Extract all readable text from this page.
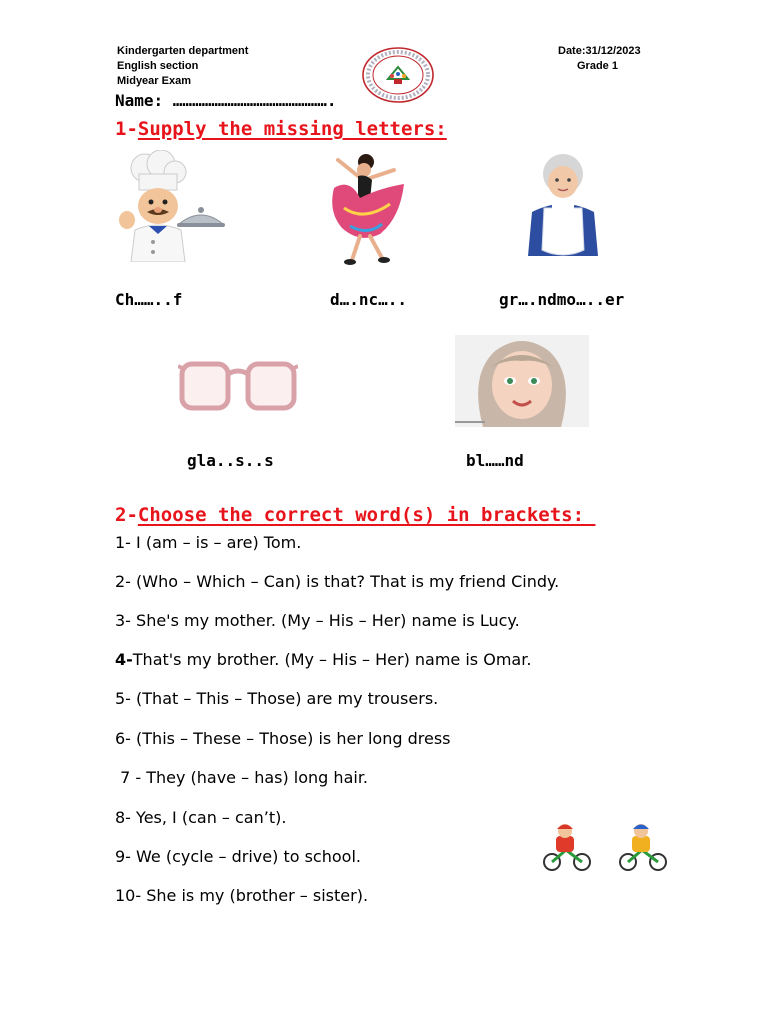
Kindergarten department
English section
Midyear Exam
Date:31/12/2023
Grade 1
Name: ………………………………………….
1-Supply the missing letters:
Ch……..f	d….nc…..	gr….ndmo…..er
gla..s..s	bl……nd
2-Choose the correct word(s) in brackets:
1- I (am – is – are) Tom.
2- (Who – Which – Can) is that? That is my friend Cindy.
3- She's my mother. (My – His – Her) name is Lucy.
4-That's my brother. (My – His – Her) name is Omar.
5- (That – This – Those) are my trousers.
6- (This – These – Those) is her long dress
7 - They (have – has) long hair.
8- Yes, I (can – can’t).
9- We (cycle – drive) to school.
10- She is my (brother – sister).
